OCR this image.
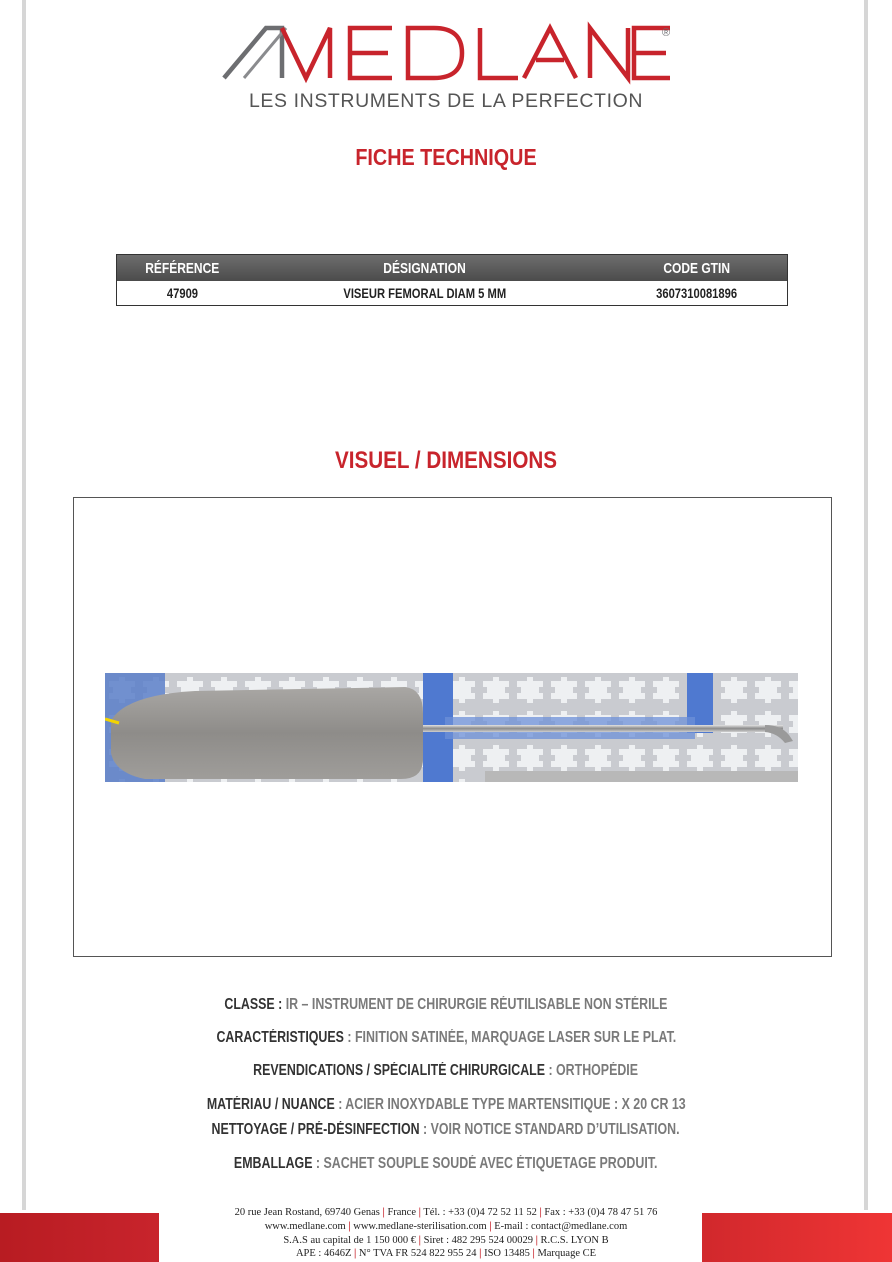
®
LES INSTRUMENTS DE LA PERFECTION
FICHE TECHNIQUE
RÉFÉRENCE	DÉSIGNATION	CODE GTIN
47909	VISEUR FEMORAL DIAM 5 MM	3607310081896
VISUEL / DIMENSIONS
CLASSE : IR – INSTRUMENT DE CHIRURGIE RÉUTILISABLE NON STÉRILE
CARACTÉRISTIQUES : FINITION SATINÉE, MARQUAGE LASER SUR LE PLAT.
REVENDICATIONS / SPÉCIALITÉ CHIRURGICALE : ORTHOPÉDIE
MATÉRIAU / NUANCE : ACIER INOXYDABLE TYPE MARTENSITIQUE : X 20 CR 13
NETTOYAGE / PRÉ-DÉSINFECTION : VOIR NOTICE STANDARD D’UTILISATION.
EMBALLAGE : SACHET SOUPLE SOUDÉ AVEC ÉTIQUETAGE PRODUIT.
20 rue Jean Rostand, 69740 Genas | France | Tél. : +33 (0)4 72 52 11 52 | Fax : +33 (0)4 78 47 51 76
www.medlane.com | www.medlane-sterilisation.com | E-mail : contact@medlane.com
S.A.S au capital de 1 150 000 € | Siret : 482 295 524 00029 | R.C.S. LYON B
APE : 4646Z | N° TVA FR 524 822 955 24 | ISO 13485 | Marquage CE
